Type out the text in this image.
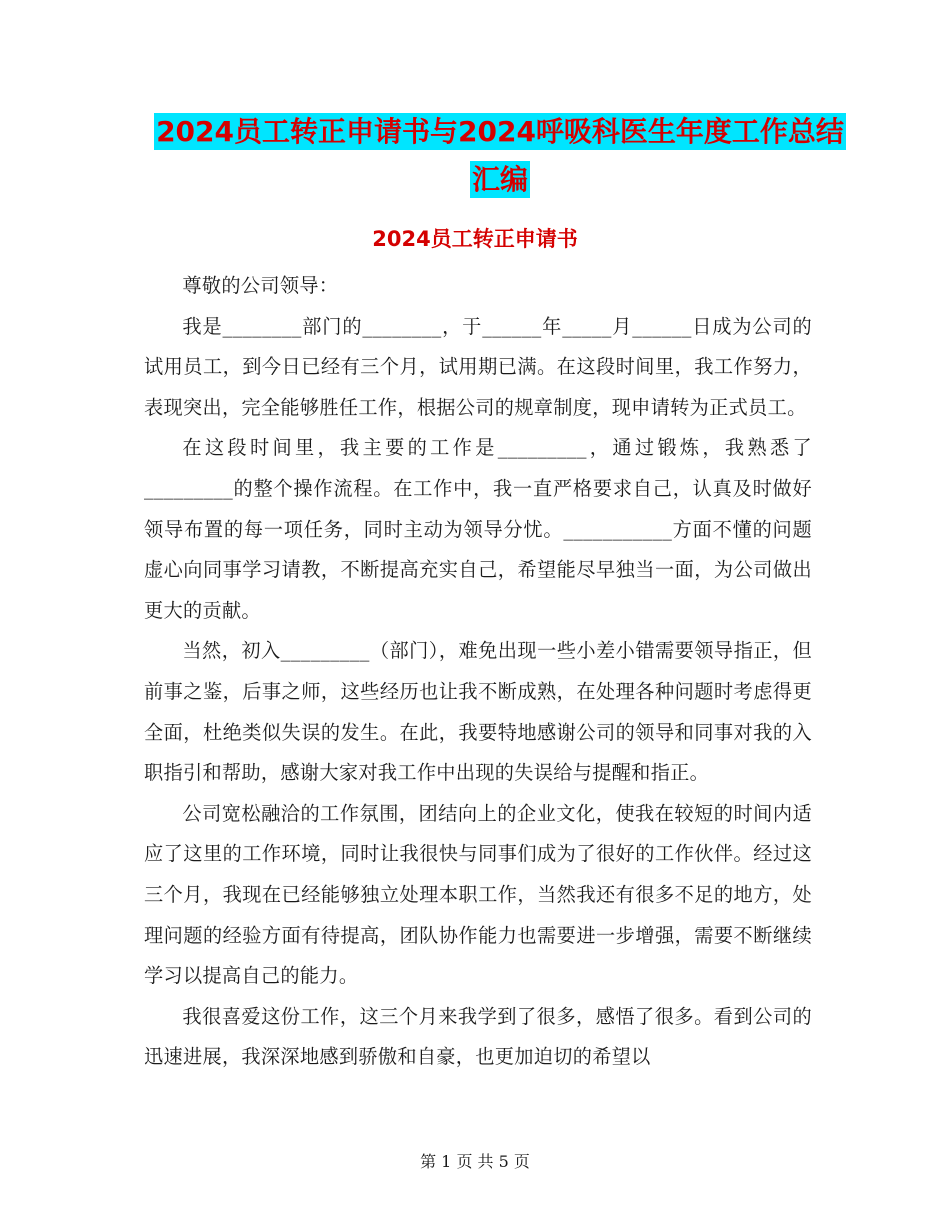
2024员工转正申请书与2024呼吸科医生年度工作总结
汇编
2024员工转正申请书

尊敬的公司领导：

我是________部门的________，于______年_____月______日成为公司的试用员工，到今日已经有三个月，试用期已满。在这段时间里，我工作努力，表现突出，完全能够胜任工作，根据公司的规章制度，现申请转为正式员工。

在这段时间里，我主要的工作是_________，通过锻炼，我熟悉了_________的整个操作流程。在工作中，我一直严格要求自己，认真及时做好领导布置的每一项任务，同时主动为领导分忧。___________方面不懂的问题虚心向同事学习请教，不断提高充实自己，希望能尽早独当一面，为公司做出更大的贡献。

当然，初入_________（部门），难免出现一些小差小错需要领导指正，但前事之鉴，后事之师，这些经历也让我不断成熟，在处理各种问题时考虑得更全面，杜绝类似失误的发生。在此，我要特地感谢公司的领导和同事对我的入职指引和帮助，感谢大家对我工作中出现的失误给与提醒和指正。

公司宽松融洽的工作氛围，团结向上的企业文化，使我在较短的时间内适应了这里的工作环境，同时让我很快与同事们成为了很好的工作伙伴。经过这三个月，我现在已经能够独立处理本职工作，当然我还有很多不足的地方，处理问题的经验方面有待提高，团队协作能力也需要进一步增强，需要不断继续学习以提高自己的能力。

我很喜爱这份工作，这三个月来我学到了很多，感悟了很多。看到公司的迅速进展，我深深地感到骄傲和自豪，也更加迫切的希望以

第 1 页 共 5 页
